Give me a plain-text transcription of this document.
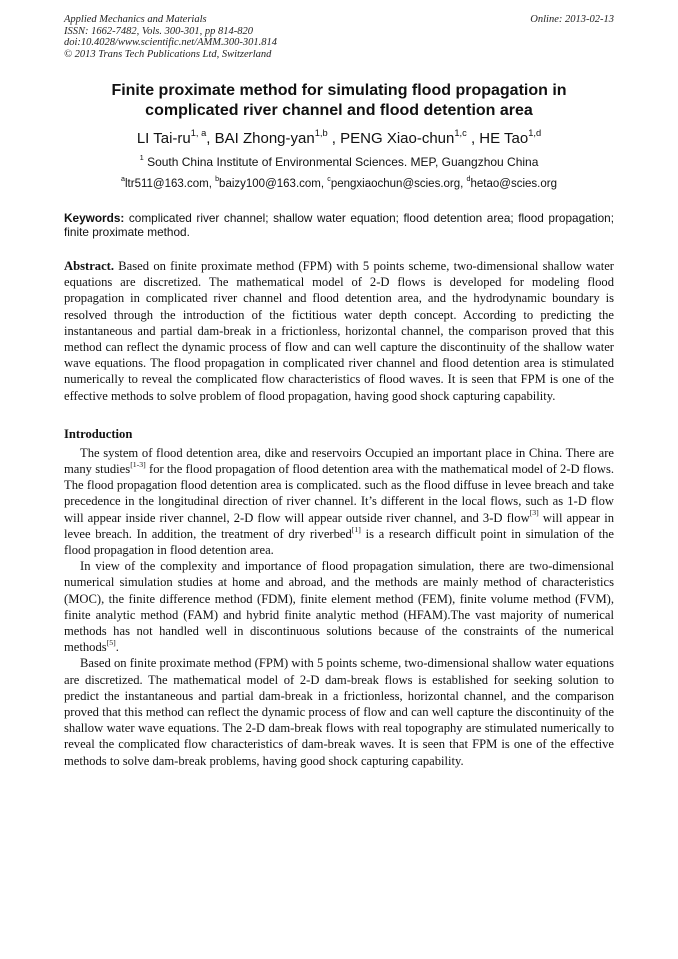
Applied Mechanics and Materials
ISSN: 1662-7482, Vols. 300-301, pp 814-820
doi:10.4028/www.scientific.net/AMM.300-301.814
© 2013 Trans Tech Publications Ltd, Switzerland
Online: 2013-02-13
Finite proximate method for simulating flood propagation in complicated river channel and flood detention area
LI Tai-ru$^{1, a}$, BAI Zhong-yan$^{1,b}$ , PENG Xiao-chun$^{1,c}$ , HE Tao$^{1,d}$
$^1$ South China Institute of Environmental Sciences. MEP, Guangzhou China
$^a$ltr511@163.com, $^b$baizy100@163.com, $^c$pengxiaochun@scies.org, $^d$hetao@scies.org
Keywords: complicated river channel; shallow water equation; flood detention area; flood propagation; finite proximate method.
Abstract. Based on finite proximate method (FPM) with 5 points scheme, two-dimensional shallow water equations are discretized. The mathematical model of 2-D flows is developed for modeling flood propagation in complicated river channel and flood detention area, and the hydrodynamic boundary is resolved through the introduction of the fictitious water depth concept. According to predicting the instantaneous and partial dam-break in a frictionless, horizontal channel, the comparison proved that this method can reflect the dynamic process of flow and can well capture the discontinuity of the shallow water wave equations. The flood propagation in complicated river channel and flood detention area is stimulated numerically to reveal the complicated flow characteristics of flood waves. It is seen that FPM is one of the effective methods to solve problem of flood propagation, having good shock capturing capability.
Introduction
The system of flood detention area, dike and reservoirs Occupied an important place in China. There are many studies[1-3] for the flood propagation of flood detention area with the mathematical model of 2-D flows. The flood propagation flood detention area is complicated. such as the flood diffuse in levee breach and take precedence in the longitudinal direction of river channel. It’s different in the local flows, such as 1-D flow will appear inside river channel, 2-D flow will appear outside river channel, and 3-D flow[3] will appear in levee breach. In addition, the treatment of dry riverbed[1] is a research difficult point in simulation of the flood propagation in flood detention area.
In view of the complexity and importance of flood propagation simulation, there are two-dimensional numerical simulation studies at home and abroad, and the methods are mainly method of characteristics (MOC), the finite difference method (FDM), finite element method (FEM), finite volume method (FVM), finite analytic method (FAM) and hybrid finite analytic method (HFAM).The vast majority of numerical methods has not handled well in discontinuous solutions because of the constraints of the numerical methods[5].
Based on finite proximate method (FPM) with 5 points scheme, two-dimensional shallow water equations are discretized. The mathematical model of 2-D dam-break flows is established for seeking solution to predict the instantaneous and partial dam-break in a frictionless, horizontal channel, and the comparison proved that this method can reflect the dynamic process of flow and can well capture the discontinuity of the shallow water wave equations. The 2-D dam-break flows with real topography are stimulated numerically to reveal the complicated flow characteristics of dam-break waves. It is seen that FPM is one of the effective methods to solve dam-break problems, having good shock capturing capability.
